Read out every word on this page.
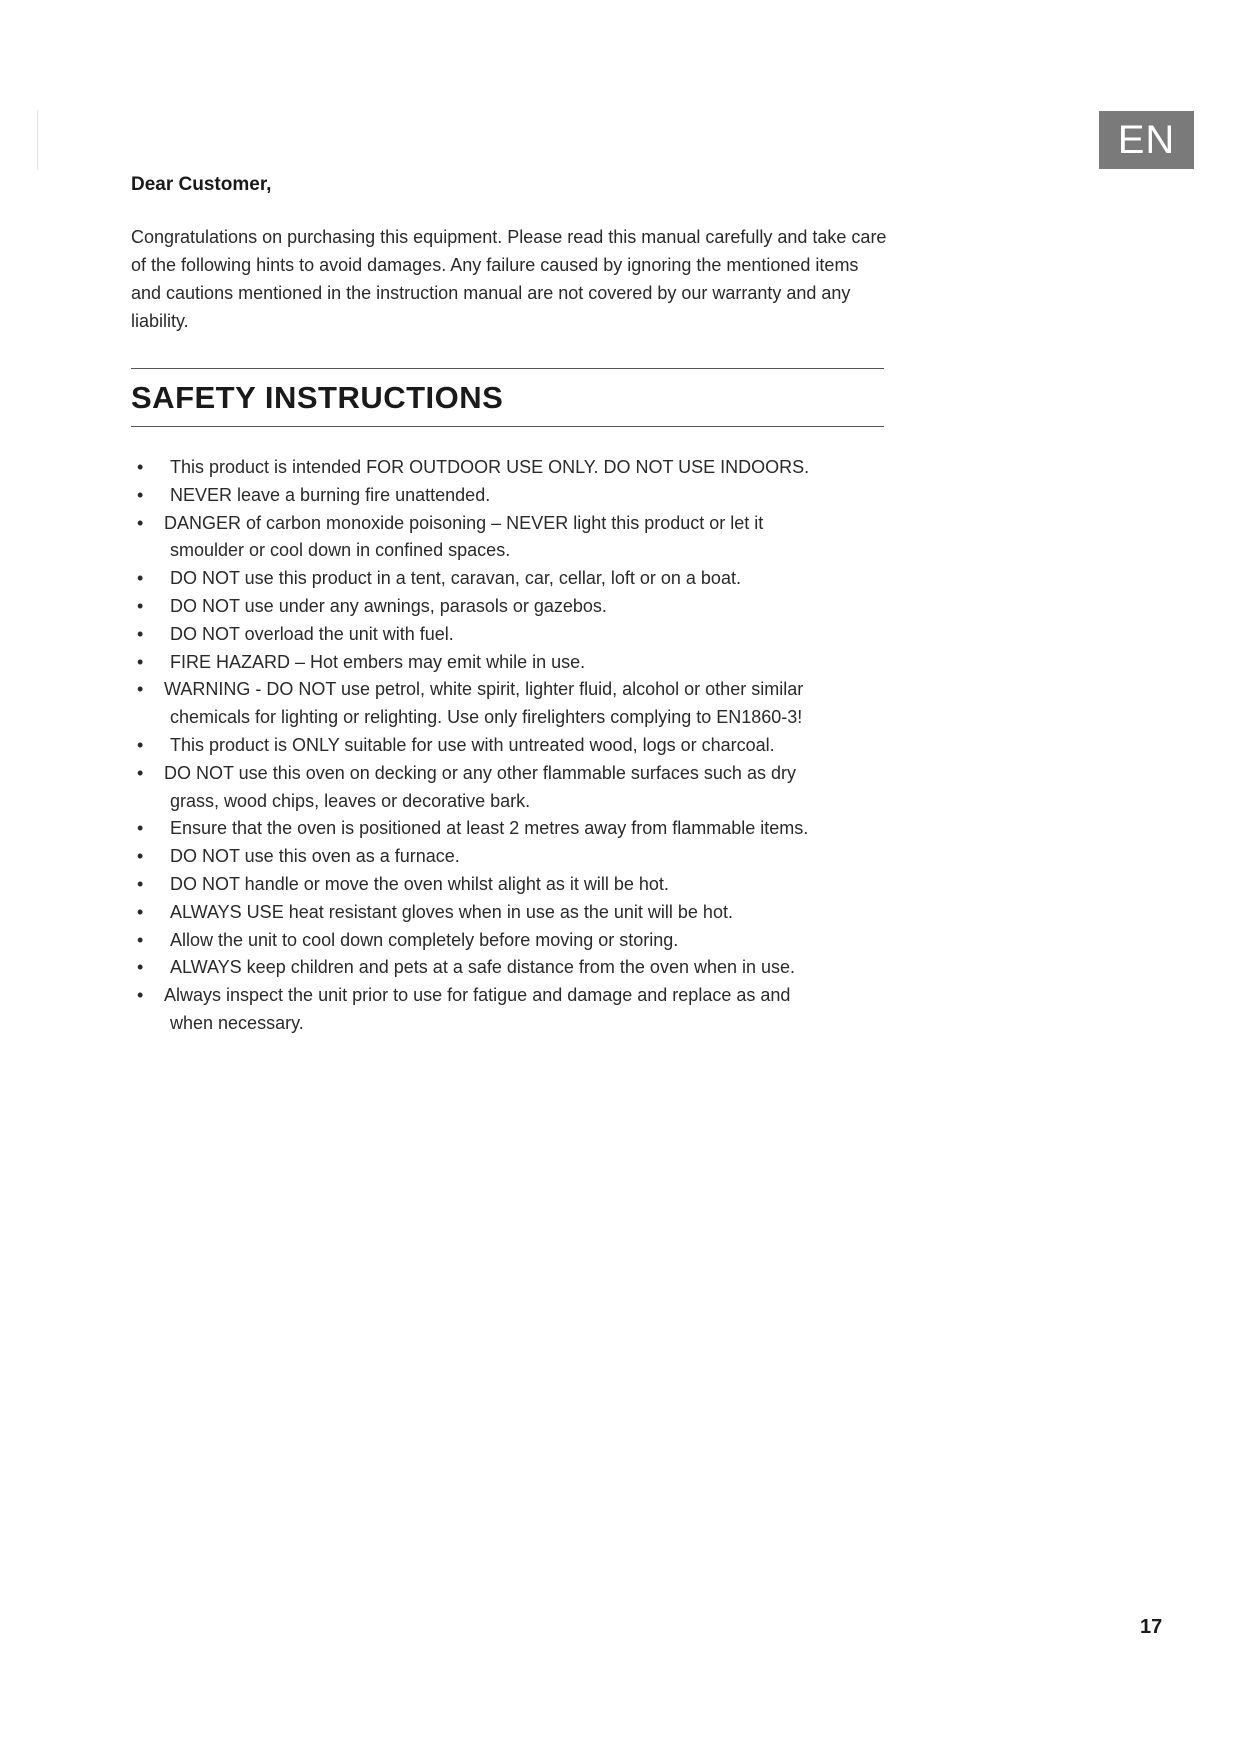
EN

Dear Customer,

Congratulations on purchasing this equipment. Please read this manual carefully and take care of the following hints to avoid damages. Any failure caused by ignoring the mentioned items and cautions mentioned in the instruction manual are not covered by our warranty and any liability.

SAFETY INSTRUCTIONS
•	This product is intended FOR OUTDOOR USE ONLY. DO NOT USE INDOORS.
•	NEVER leave a burning fire unattended.
• DANGER of carbon monoxide poisoning – NEVER light this product or let it
smoulder or cool down in confined spaces.
•	DO NOT use this product in a tent, caravan, car, cellar, loft or on a boat.
•	DO NOT use under any awnings, parasols or gazebos.
•	DO NOT overload the unit with fuel.
•	FIRE HAZARD – Hot embers may emit while in use.
• WARNING - DO NOT use petrol, white spirit, lighter fluid, alcohol or other similar
chemicals for lighting or relighting. Use only firelighters complying to EN1860-3!
•	This product is ONLY suitable for use with untreated wood, logs or charcoal.
• DO NOT use this oven on decking or any other flammable surfaces such as dry
grass, wood chips, leaves or decorative bark.
•	Ensure that the oven is positioned at least 2 metres away from flammable items.
•	DO NOT use this oven as a furnace.
•	DO NOT handle or move the oven whilst alight as it will be hot.
•	ALWAYS USE heat resistant gloves when in use as the unit will be hot.
•	Allow the unit to cool down completely before moving or storing.
•	ALWAYS keep children and pets at a safe distance from the oven when in use.
• Always inspect the unit prior to use for fatigue and damage and replace as and
when necessary.
17
